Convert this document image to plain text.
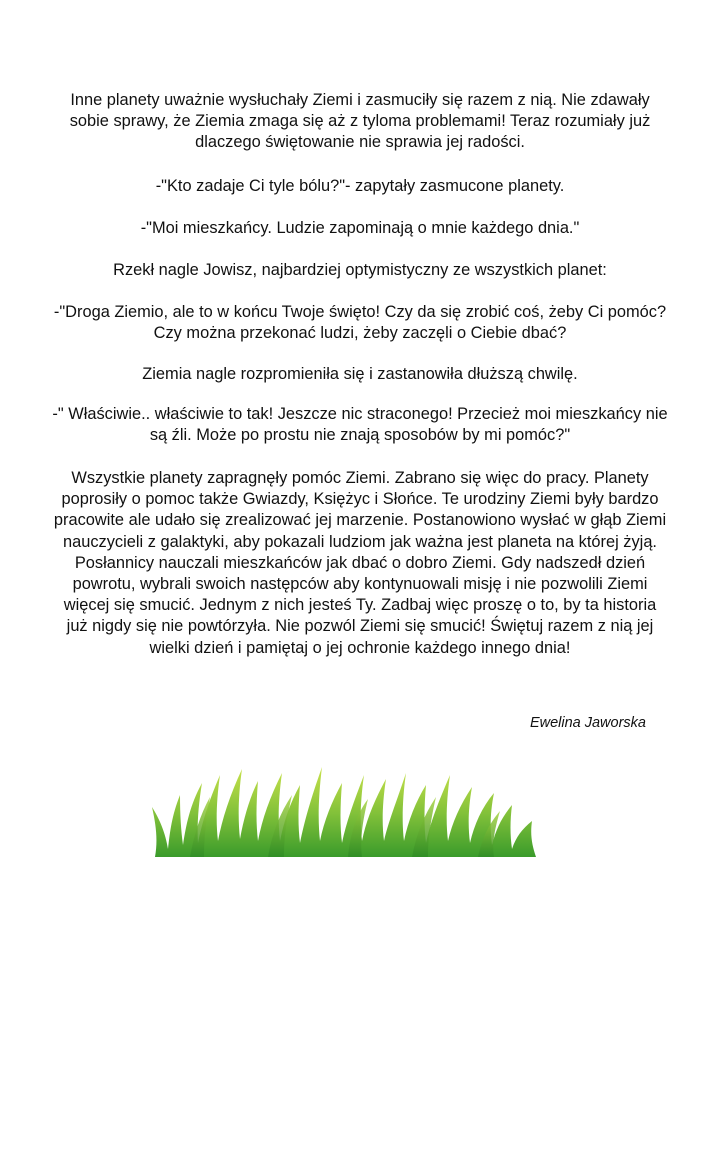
Inne planety uważnie wysłuchały Ziemi i zasmuciły się razem z nią. Nie zdawały
sobie sprawy, że Ziemia zmaga się aż z tyloma problemami! Teraz rozumiały już
dlaczego świętowanie nie sprawia jej radości.

-"Kto zadaje Ci tyle bólu?"- zapytały zasmucone planety.

-"Moi mieszkańcy. Ludzie zapominają o mnie każdego dnia."

Rzekł nagle Jowisz, najbardziej optymistyczny ze wszystkich planet:

-"Droga Ziemio, ale to w końcu Twoje święto! Czy da się zrobić coś, żeby Ci pomóc?
Czy można przekonać ludzi, żeby zaczęli o Ciebie dbać?

Ziemia nagle rozpromieniła się i zastanowiła dłuższą chwilę.

-" Właściwie.. właściwie to tak! Jeszcze nic straconego! Przecież moi mieszkańcy nie
są źli. Może po prostu nie znają sposobów by mi pomóc?"

Wszystkie planety zapragnęły pomóc Ziemi. Zabrano się więc do pracy. Planety
poprosiły o pomoc także Gwiazdy, Księżyc i Słońce. Te urodziny Ziemi były bardzo
pracowite ale udało się zrealizować jej marzenie. Postanowiono wysłać w głąb Ziemi
nauczycieli z galaktyki, aby pokazali ludziom jak ważna jest planeta na której żyją.
Posłannicy nauczali mieszkańców jak dbać o dobro Ziemi. Gdy nadszedł dzień
powrotu, wybrali swoich następców aby kontynuowali misję i nie pozwolili Ziemi
więcej się smucić. Jednym z nich jesteś Ty. Zadbaj więc proszę o to, by ta historia
już nigdy się nie powtórzyła. Nie pozwól Ziemi się smucić! Świętuj razem z nią jej
wielki dzień i pamiętaj o jej ochronie każdego innego dnia!

Ewelina Jaworska
